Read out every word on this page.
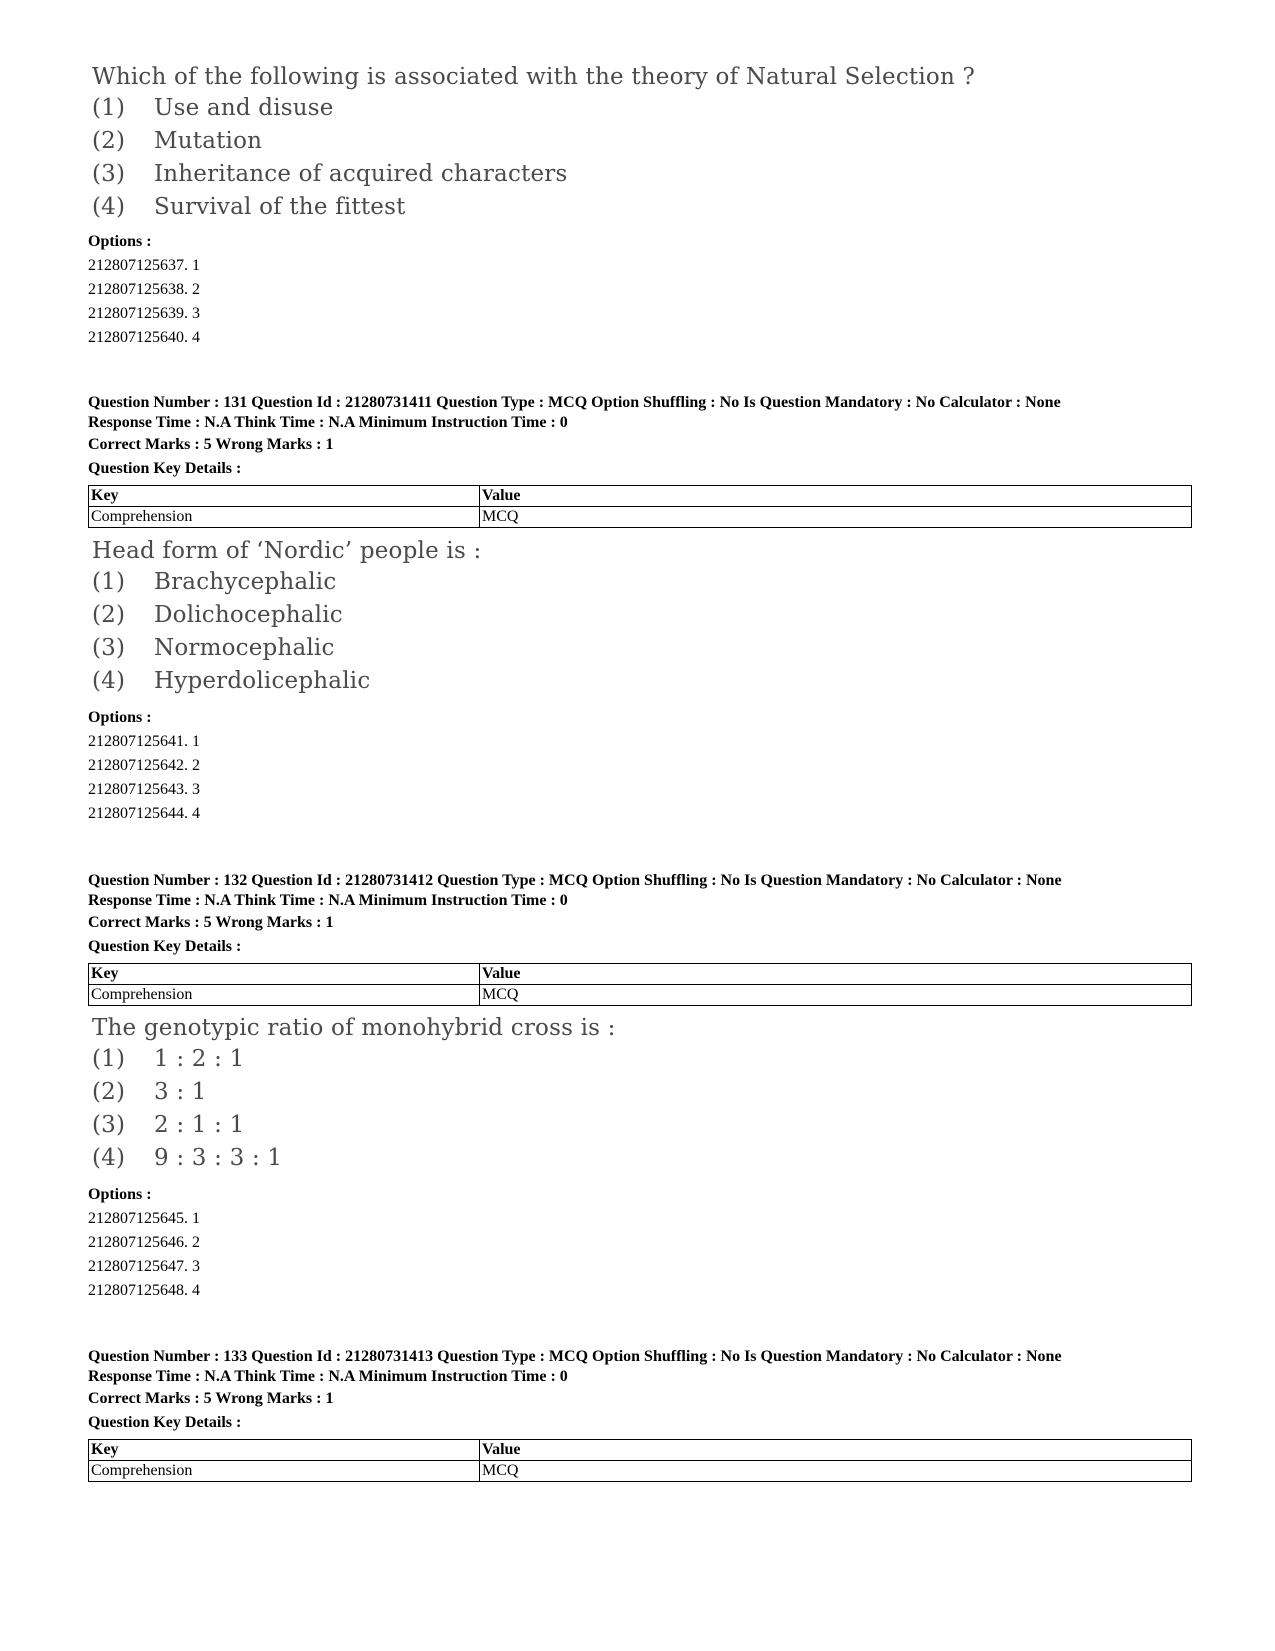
Which of the following is associated with the theory of Natural Selection ?
(1)	Use and disuse
(2)	Mutation
(3)	Inheritance of acquired characters
(4)	Survival of the fittest
Options :
212807125637. 1
212807125638. 2
212807125639. 3
212807125640. 4
Question Number : 131 Question Id : 21280731411 Question Type : MCQ Option Shuffling : No Is Question Mandatory : No Calculator : None
Response Time : N.A Think Time : N.A Minimum Instruction Time : 0
Correct Marks : 5 Wrong Marks : 1
Question Key Details :
Key	Value
Comprehension	MCQ
Head form of ‘Nordic’ people is :
(1)	Brachycephalic
(2)	Dolichocephalic
(3)	Normocephalic
(4)	Hyperdolicephalic
Options :
212807125641. 1
212807125642. 2
212807125643. 3
212807125644. 4
Question Number : 132 Question Id : 21280731412 Question Type : MCQ Option Shuffling : No Is Question Mandatory : No Calculator : None
Response Time : N.A Think Time : N.A Minimum Instruction Time : 0
Correct Marks : 5 Wrong Marks : 1
Question Key Details :
Key	Value
Comprehension	MCQ
The genotypic ratio of monohybrid cross is :
(1)	1 : 2 : 1
(2)	3 : 1
(3)	2 : 1 : 1
(4)	9 : 3 : 3 : 1
Options :
212807125645. 1
212807125646. 2
212807125647. 3
212807125648. 4
Question Number : 133 Question Id : 21280731413 Question Type : MCQ Option Shuffling : No Is Question Mandatory : No Calculator : None
Response Time : N.A Think Time : N.A Minimum Instruction Time : 0
Correct Marks : 5 Wrong Marks : 1
Question Key Details :
Key	Value
Comprehension	MCQ
